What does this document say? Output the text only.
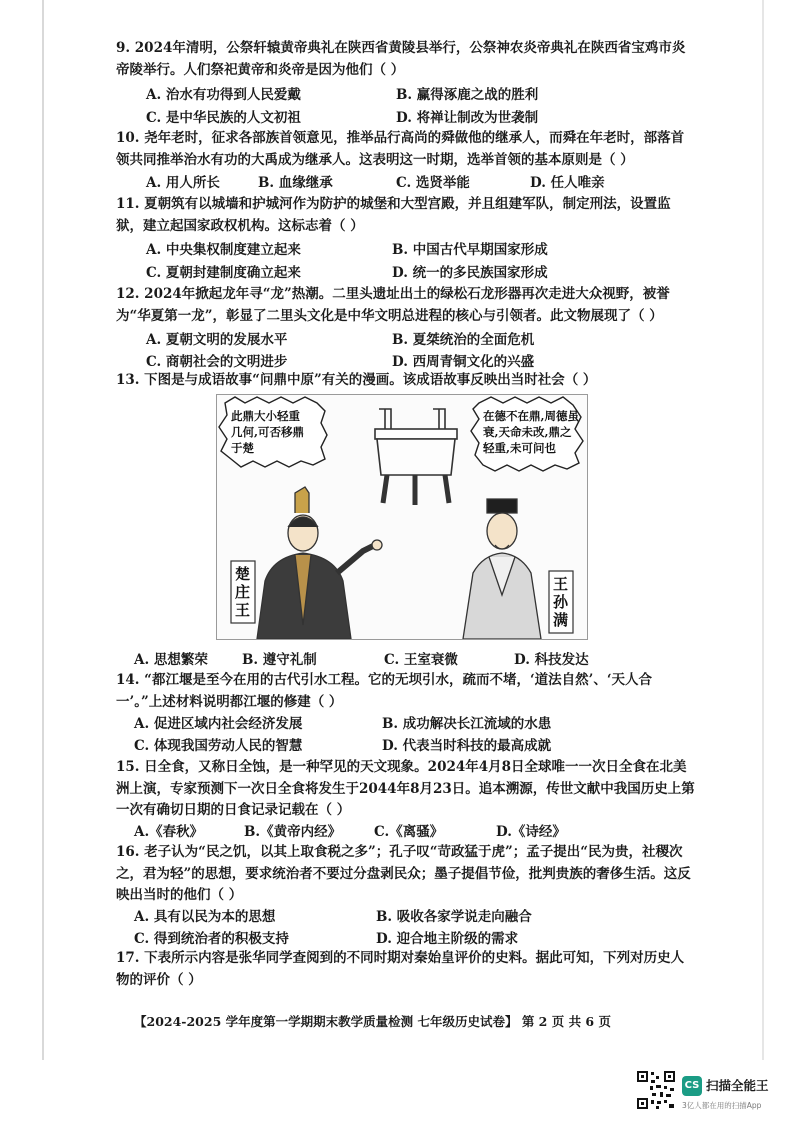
9. 2024年清明，公祭轩辕黄帝典礼在陕西省黄陵县举行，公祭神农炎帝典礼在陕西省宝鸡市炎帝陵举行。人们祭祀黄帝和炎帝是因为他们（ ）
A. 治水有功得到人民爱戴	B. 赢得涿鹿之战的胜利
C. 是中华民族的人文初祖	D. 将禅让制改为世袭制
10. 尧年老时，征求各部族首领意见，推举品行高尚的舜做他的继承人，而舜在年老时，部落首领共同推举治水有功的大禹成为继承人。这表明这一时期，选举首领的基本原则是（ ）
A. 用人所长	B. 血缘继承	C. 选贤举能	D. 任人唯亲
11. 夏朝筑有以城墙和护城河作为防护的城堡和大型宫殿，并且组建军队，制定刑法，设置监狱，建立起国家政权机构。这标志着（ ）
A. 中央集权制度建立起来	B. 中国古代早期国家形成
C. 夏朝封建制度确立起来	D. 统一的多民族国家形成
12. 2024年掀起龙年寻“龙”热潮。二里头遗址出土的绿松石龙形器再次走进大众视野，被誉为“华夏第一龙”，彰显了二里头文化是中华文明总进程的核心与引领者。此文物展现了（ ）
A. 夏朝文明的发展水平	B. 夏桀统治的全面危机
C. 商朝社会的文明进步	D. 西周青铜文化的兴盛
13. 下图是与成语故事“问鼎中原”有关的漫画。该成语故事反映出当时社会（ ）
此鼎大小轻重
几何,可否移鼎
于楚
在德不在鼎,周德虽
衰,天命未改,鼎之
轻重,未可问也
楚
庄
王
王
孙
满
A. 思想繁荣	B. 遵守礼制	C. 王室衰微	D. 科技发达
14. “都江堰是至今在用的古代引水工程。它的无坝引水，疏而不堵，‘道法自然’、‘天人合一’。”上述材料说明都江堰的修建（ ）
A. 促进区域内社会经济发展	B. 成功解决长江流域的水患
C. 体现我国劳动人民的智慧	D. 代表当时科技的最高成就
15. 日全食，又称日全蚀，是一种罕见的天文现象。2024年4月8日全球唯一一次日全食在北美洲上演，专家预测下一次日全食将发生于2044年8月23日。追本溯源，传世文献中我国历史上第一次有确切日期的日食记录记载在（ ）
A.《春秋》	B.《黄帝内经》 C.《离骚》	D.《诗经》
16. 老子认为“民之饥，以其上取食税之多”；孔子叹“苛政猛于虎”；孟子提出“民为贵，社稷次之，君为轻”的思想，要求统治者不要过分盘剥民众；墨子提倡节俭，批判贵族的奢侈生活。这反映出当时的他们（ ）
A. 具有以民为本的思想	B. 吸收各家学说走向融合
C. 得到统治者的积极支持	D. 迎合地主阶级的需求
17. 下表所示内容是张华同学查阅到的不同时期对秦始皇评价的史料。据此可知，下列对历史人物的评价（ ）
【2024-2025 学年度第一学期期末教学质量检测 七年级历史试卷】 第 2 页 共 6 页
CS 扫描全能王
3亿人都在用的扫描App
